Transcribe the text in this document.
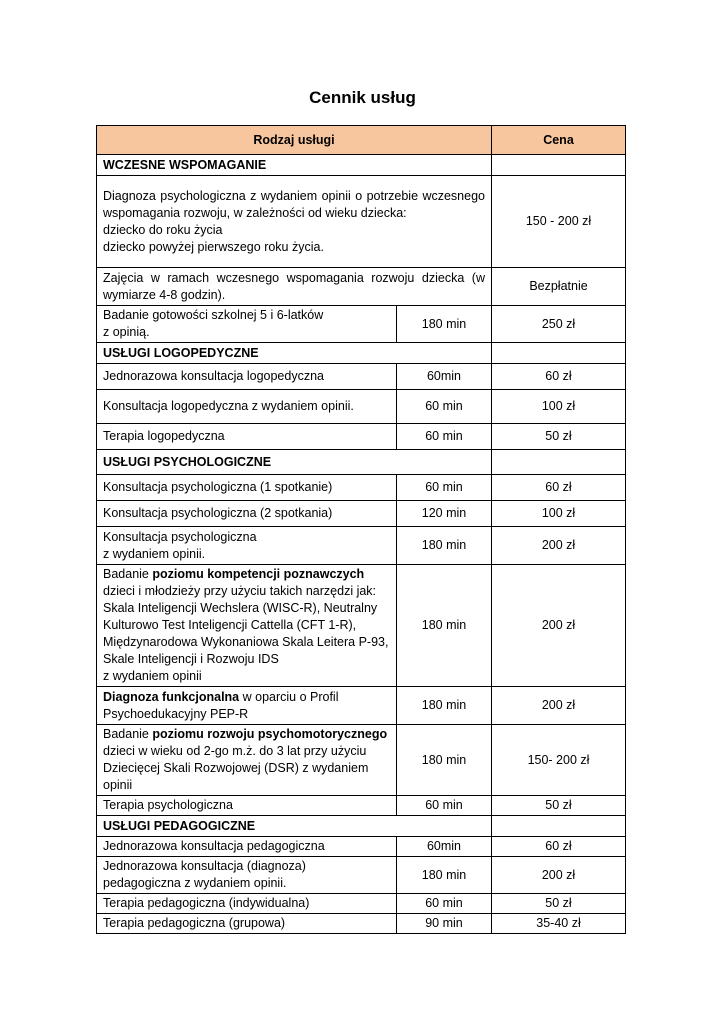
Cennik usług
Rodzaj usługi		Cena
WCZESNE WSPOMAGANIE		

Diagnoza psychologiczna z wydaniem opinii o potrzebie wczesnego wspomagania rozwoju, w zależności od wieku dziecka:
dziecko do roku życia
dziecko powyżej pierwszego roku życia.		150 - 200 zł
Zajęcia w ramach wczesnego wspomagania rozwoju dziecka (w wymiarze 4-8 godzin).		Bezpłatnie

Badanie gotowości szkolnej 5 i 6-latków
z opinią.	180 min	250 zł
USŁUGI LOGOPEDYCZNE		
Jednorazowa konsultacja logopedyczna	60min	60 zł
Konsultacja logopedyczna z wydaniem opinii.	60 min	100 zł
Terapia logopedyczna	60 min	50 zł
USŁUGI PSYCHOLOGICZNE		
Konsultacja psychologiczna (1 spotkanie)	60 min	60 zł
Konsultacja psychologiczna (2 spotkania)	120 min	100 zł

Konsultacja psychologiczna
z wydaniem opinii.	180 min	200 zł
Badanie poziomu kompetencji poznawczych dzieci i młodzieży przy użyciu takich narzędzi jak: Skala Inteligencji Wechslera (WISC-R), Neutralny Kulturowo Test Inteligencji Cattella (CFT 1-R), Międzynarodowa Wykonaniowa Skala Leitera P-93, Skale Inteligencji i Rozwoju IDS
z wydaniem opinii	180 min	200 zł
Diagnoza funkcjonalna w oparciu o Profil Psychoedukacyjny PEP-R	180 min	200 zł
Badanie poziomu rozwoju psychomotorycznego dzieci w wieku od 2-go m.ż. do 3 lat przy użyciu Dziecięcej Skali Rozwojowej (DSR) z wydaniem opinii	180 min	150- 200 zł
Terapia psychologiczna	60 min	50 zł
USŁUGI PEDAGOGICZNE		
Jednorazowa konsultacja pedagogiczna	60min	60 zł

Jednorazowa konsultacja (diagnoza)
pedagogiczna z wydaniem opinii.	180 min	200 zł
Terapia pedagogiczna (indywidualna)	60 min	50 zł
Terapia pedagogiczna (grupowa)	90 min	35-40 zł
